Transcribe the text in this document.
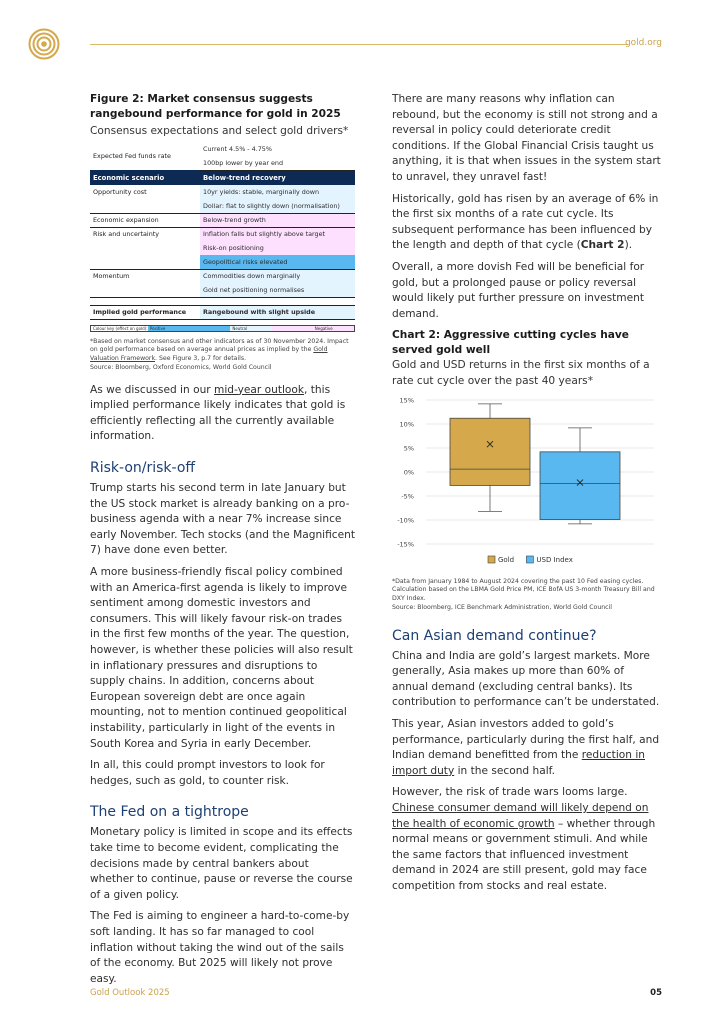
gold.org
Figure 2: Market consensus suggests rangebound performance for gold in 2025
Consensus expectations and select gold drivers*
Expected Fed funds rate	Current 4.5% - 4.75%
	100bp lower by year end
Economic scenario	Below-trend recovery
Opportunity cost	10yr yields: stable, marginally down
	Dollar: flat to slightly down (normalisation)
Economic expansion	Below-trend growth
Risk and uncertainty	Inflation falls but slightly above target
	Risk-on positioning
	Geopolitical risks elevated
Momentum	Commodities down marginally
	Gold net positioning normalises

Implied gold performance	Rangebound with slight upside
Colour key (effect on gold): Positive	Neutral	Negative
*Based on market consensus and other indicators as of 30 November 2024. Impact on gold performance based on average annual prices as implied by the Gold Valuation Framework. See Figure 3, p.7 for details.
Source: Bloomberg, Oxford Economics, World Gold Council

As we discussed in our mid-year outlook, this implied performance likely indicates that gold is efficiently reflecting all the currently available information.

Risk-on/risk-off

Trump starts his second term in late January but the US stock market is already banking on a pro-business agenda with a near 7% increase since early November. Tech stocks (and the Magnificent 7) have done even better.

A more business-friendly fiscal policy combined with an America-first agenda is likely to improve sentiment among domestic investors and consumers. This will likely favour risk-on trades in the first few months of the year. The question, however, is whether these policies will also result in inflationary pressures and disruptions to supply chains. In addition, concerns about European sovereign debt are once again mounting, not to mention continued geopolitical instability, particularly in light of the events in South Korea and Syria in early December.

In all, this could prompt investors to look for hedges, such as gold, to counter risk.

The Fed on a tightrope

Monetary policy is limited in scope and its effects take time to become evident, complicating the decisions made by central bankers about whether to continue, pause or reverse the course of a given policy.

The Fed is aiming to engineer a hard-to-come-by soft landing. It has so far managed to cool inflation without taking the wind out of the sails of the economy. But 2025 will likely not prove easy.

There are many reasons why inflation can rebound, but the economy is still not strong and a reversal in policy could deteriorate credit conditions. If the Global Financial Crisis taught us anything, it is that when issues in the system start to unravel, they unravel fast!

Historically, gold has risen by an average of 6% in the first six months of a rate cut cycle. Its subsequent performance has been influenced by the length and depth of that cycle (Chart 2).

Overall, a more dovish Fed will be beneficial for gold, but a prolonged pause or policy reversal would likely put further pressure on investment demand.

Chart 2: Aggressive cutting cycles have served gold well
Gold and USD returns in the first six months of a rate cut cycle over the past 40 years*
15%
10%
5%
0%
-5%
-10%
-15%
Gold	USD Index
*Data from January 1984 to August 2024 covering the past 10 Fed easing cycles. Calculation based on the LBMA Gold Price PM, ICE BofA US 3-month Treasury Bill and DXY Index.
Source: Bloomberg, ICE Benchmark Administration, World Gold Council
Can Asian demand continue?

China and India are gold’s largest markets. More generally, Asia makes up more than 60% of annual demand (excluding central banks). Its contribution to performance can’t be understated.

This year, Asian investors added to gold’s performance, particularly during the first half, and Indian demand benefitted from the reduction in import duty in the second half.

However, the risk of trade wars looms large. Chinese consumer demand will likely depend on the health of economic growth – whether through normal means or government stimuli. And while the same factors that influenced investment demand in 2024 are still present, gold may face competition from stocks and real estate.

Gold Outlook 2025	05
